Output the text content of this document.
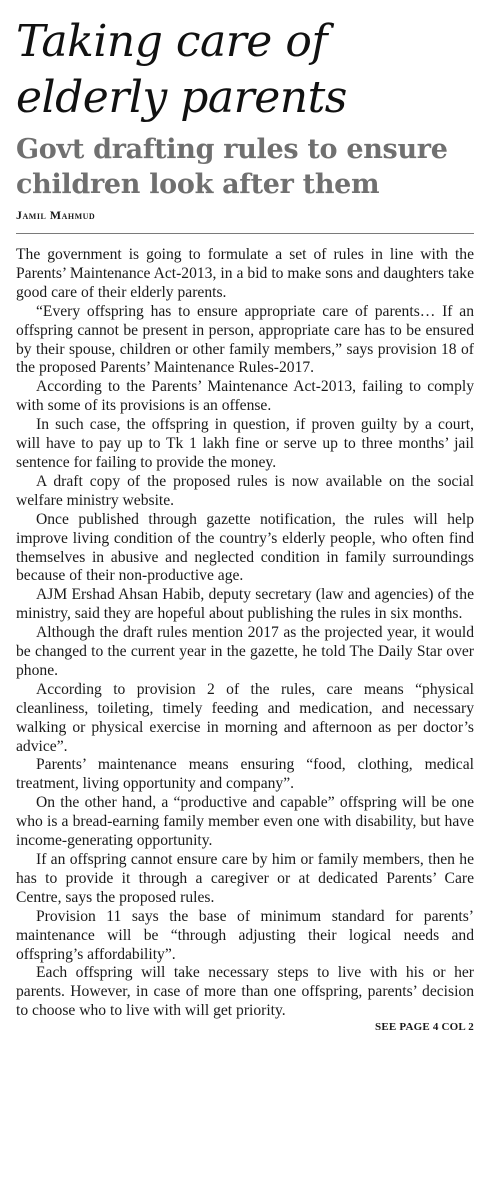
Taking care of
elderly parents
Govt drafting rules to ensure
children look after them
Jamil Mahmud

The government is going to formulate a set of rules in line with the Parents’ Maintenance Act-2013, in a bid to make sons and daughters take good care of their elderly parents.

“Every offspring has to ensure appropriate care of parents… If an offspring cannot be present in person, appropriate care has to be ensured by their spouse, children or other family members,” says provision 18 of the proposed Parents’ Maintenance Rules-2017.

According to the Parents’ Maintenance Act-2013, failing to comply with some of its provisions is an offense.

In such case, the offspring in question, if proven guilty by a court, will have to pay up to Tk 1 lakh fine or serve up to three months’ jail sentence for failing to provide the money.

A draft copy of the proposed rules is now available on the social welfare ministry website.

Once published through gazette notification, the rules will help improve living condition of the country’s elderly people, who often find themselves in abusive and neglected condition in family surroundings because of their non-productive age.

AJM Ershad Ahsan Habib, deputy secretary (law and agencies) of the ministry, said they are hopeful about publishing the rules in six months.

Although the draft rules mention 2017 as the projected year, it would be changed to the current year in the gazette, he told The Daily Star over phone.

According to provision 2 of the rules, care means “physical cleanliness, toileting, timely feeding and medication, and necessary walking or physical exercise in morning and afternoon as per doctor’s advice”.

Parents’ maintenance means ensuring “food, clothing, medical treatment, living opportunity and company”.

On the other hand, a “productive and capable” offspring will be one who is a bread-earning family member even one with disability, but have income-generating opportunity.

If an offspring cannot ensure care by him or family members, then he has to provide it through a caregiver or at dedicated Parents’ Care Centre, says the proposed rules.

Provision 11 says the base of minimum standard for parents’ maintenance will be “through adjusting their logical needs and offspring’s affordability”.

Each offspring will take necessary steps to live with his or her parents. However, in case of more than one offspring, parents’ decision to choose who to live with will get priority.

SEE PAGE 4 COL 2
